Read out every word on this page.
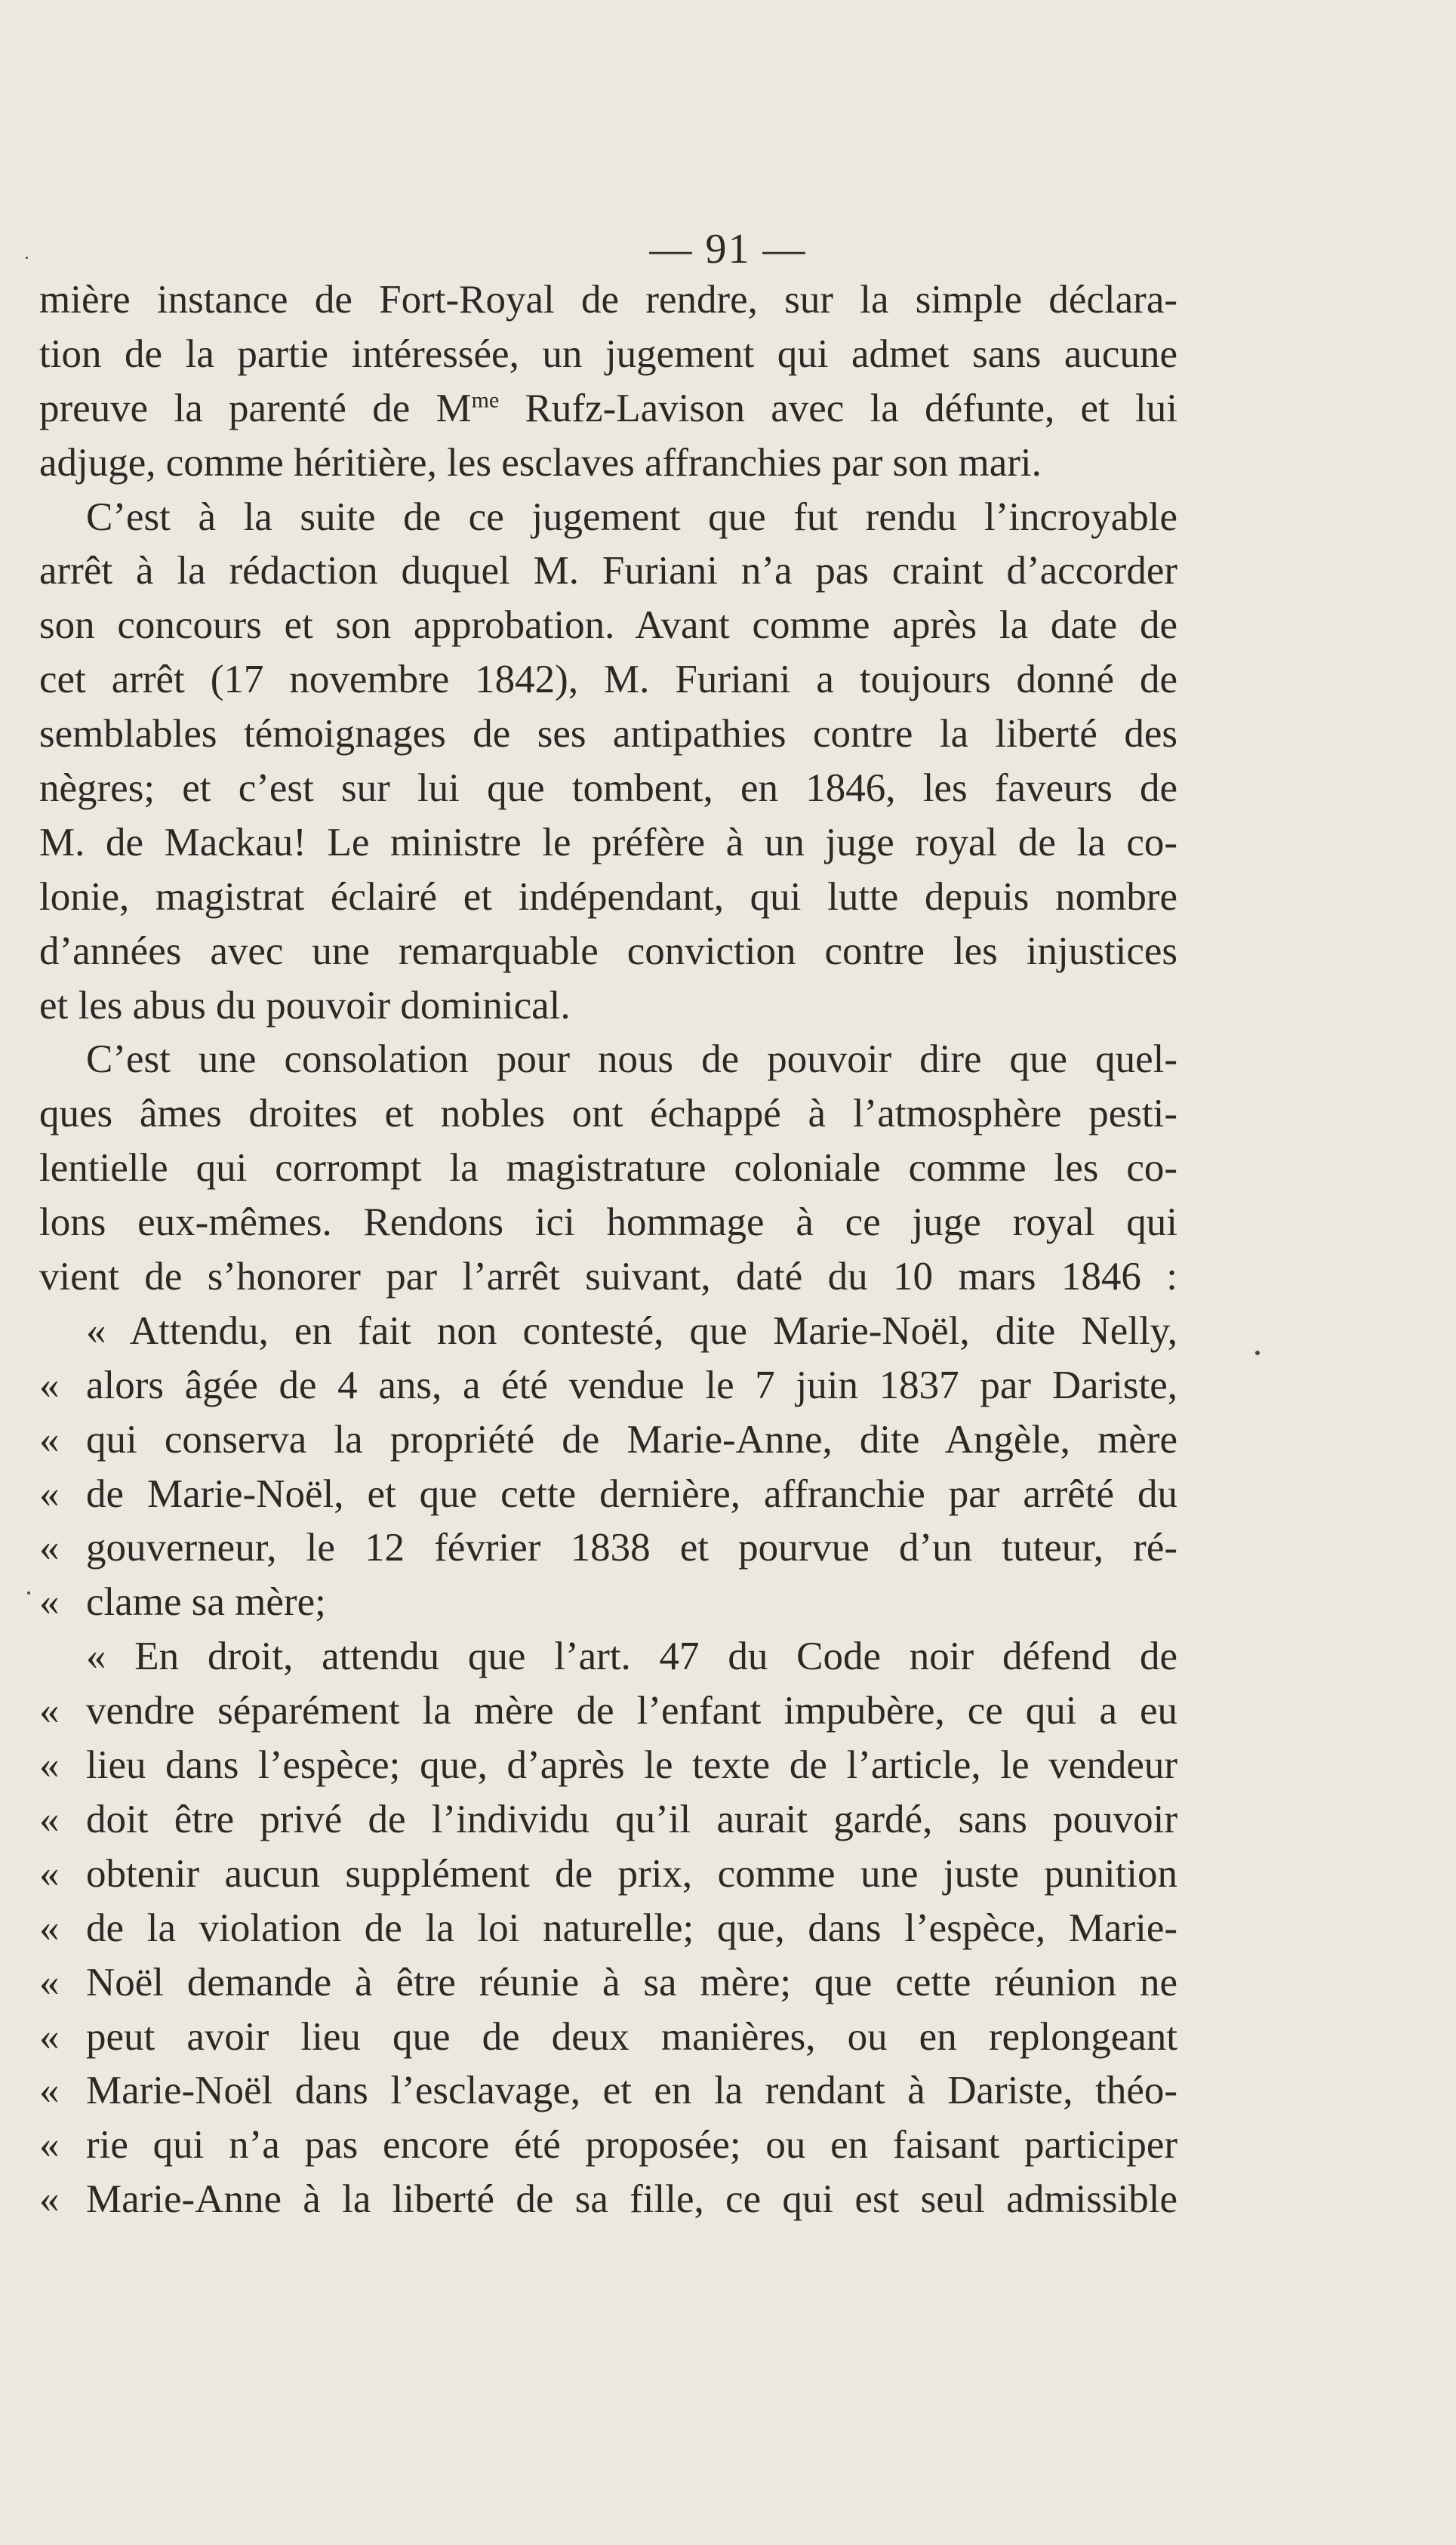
— 91 —
mière instance de Fort-Royal de rendre, sur la simple déclara-
tion de la partie intéressée, un jugement qui admet sans aucune
preuve la parenté de $M^{me}$ Rufz-Lavison avec la défunte, et lui
adjuge, comme héritière, les esclaves affranchies par son mari.
C’est à la suite de ce jugement que fut rendu l’incroyable
arrêt à la rédaction duquel M. Furiani n’a pas craint d’accorder
son concours et son approbation. Avant comme après la date de
cet arrêt (17 novembre 1842), M. Furiani a toujours donné de
semblables témoignages de ses antipathies contre la liberté des
nègres; et c’est sur lui que tombent, en 1846, les faveurs de
M. de Mackau! Le ministre le préfère à un juge royal de la co-
lonie, magistrat éclairé et indépendant, qui lutte depuis nombre
d’années avec une remarquable conviction contre les injustices
et les abus du pouvoir dominical.
C’est une consolation pour nous de pouvoir dire que quel-
ques âmes droites et nobles ont échappé à l’atmosphère pesti-
lentielle qui corrompt la magistrature coloniale comme les co-
lons eux-mêmes. Rendons ici hommage à ce juge royal qui
vient de s’honorer par l’arrêt suivant, daté du 10 mars 1846 :
« Attendu, en fait non contesté, que Marie-Noël, dite Nelly,
« alors âgée de 4 ans, a été vendue le 7 juin 1837 par Dariste,
« qui conserva la propriété de Marie-Anne, dite Angèle, mère
« de Marie-Noël, et que cette dernière, affranchie par arrêté du
« gouverneur, le 12 février 1838 et pourvue d’un tuteur, ré-
« clame sa mère;
« En droit, attendu que l’art. 47 du Code noir défend de
« vendre séparément la mère de l’enfant impubère, ce qui a eu
« lieu dans l’espèce; que, d’après le texte de l’article, le vendeur
« doit être privé de l’individu qu’il aurait gardé, sans pouvoir
« obtenir aucun supplément de prix, comme une juste punition
« de la violation de la loi naturelle; que, dans l’espèce, Marie-
« Noël demande à être réunie à sa mère; que cette réunion ne
« peut avoir lieu que de deux manières, ou en replongeant
« Marie-Noël dans l’esclavage, et en la rendant à Dariste, théo-
« rie qui n’a pas encore été proposée; ou en faisant participer
« Marie-Anne à la liberté de sa fille, ce qui est seul admissible
